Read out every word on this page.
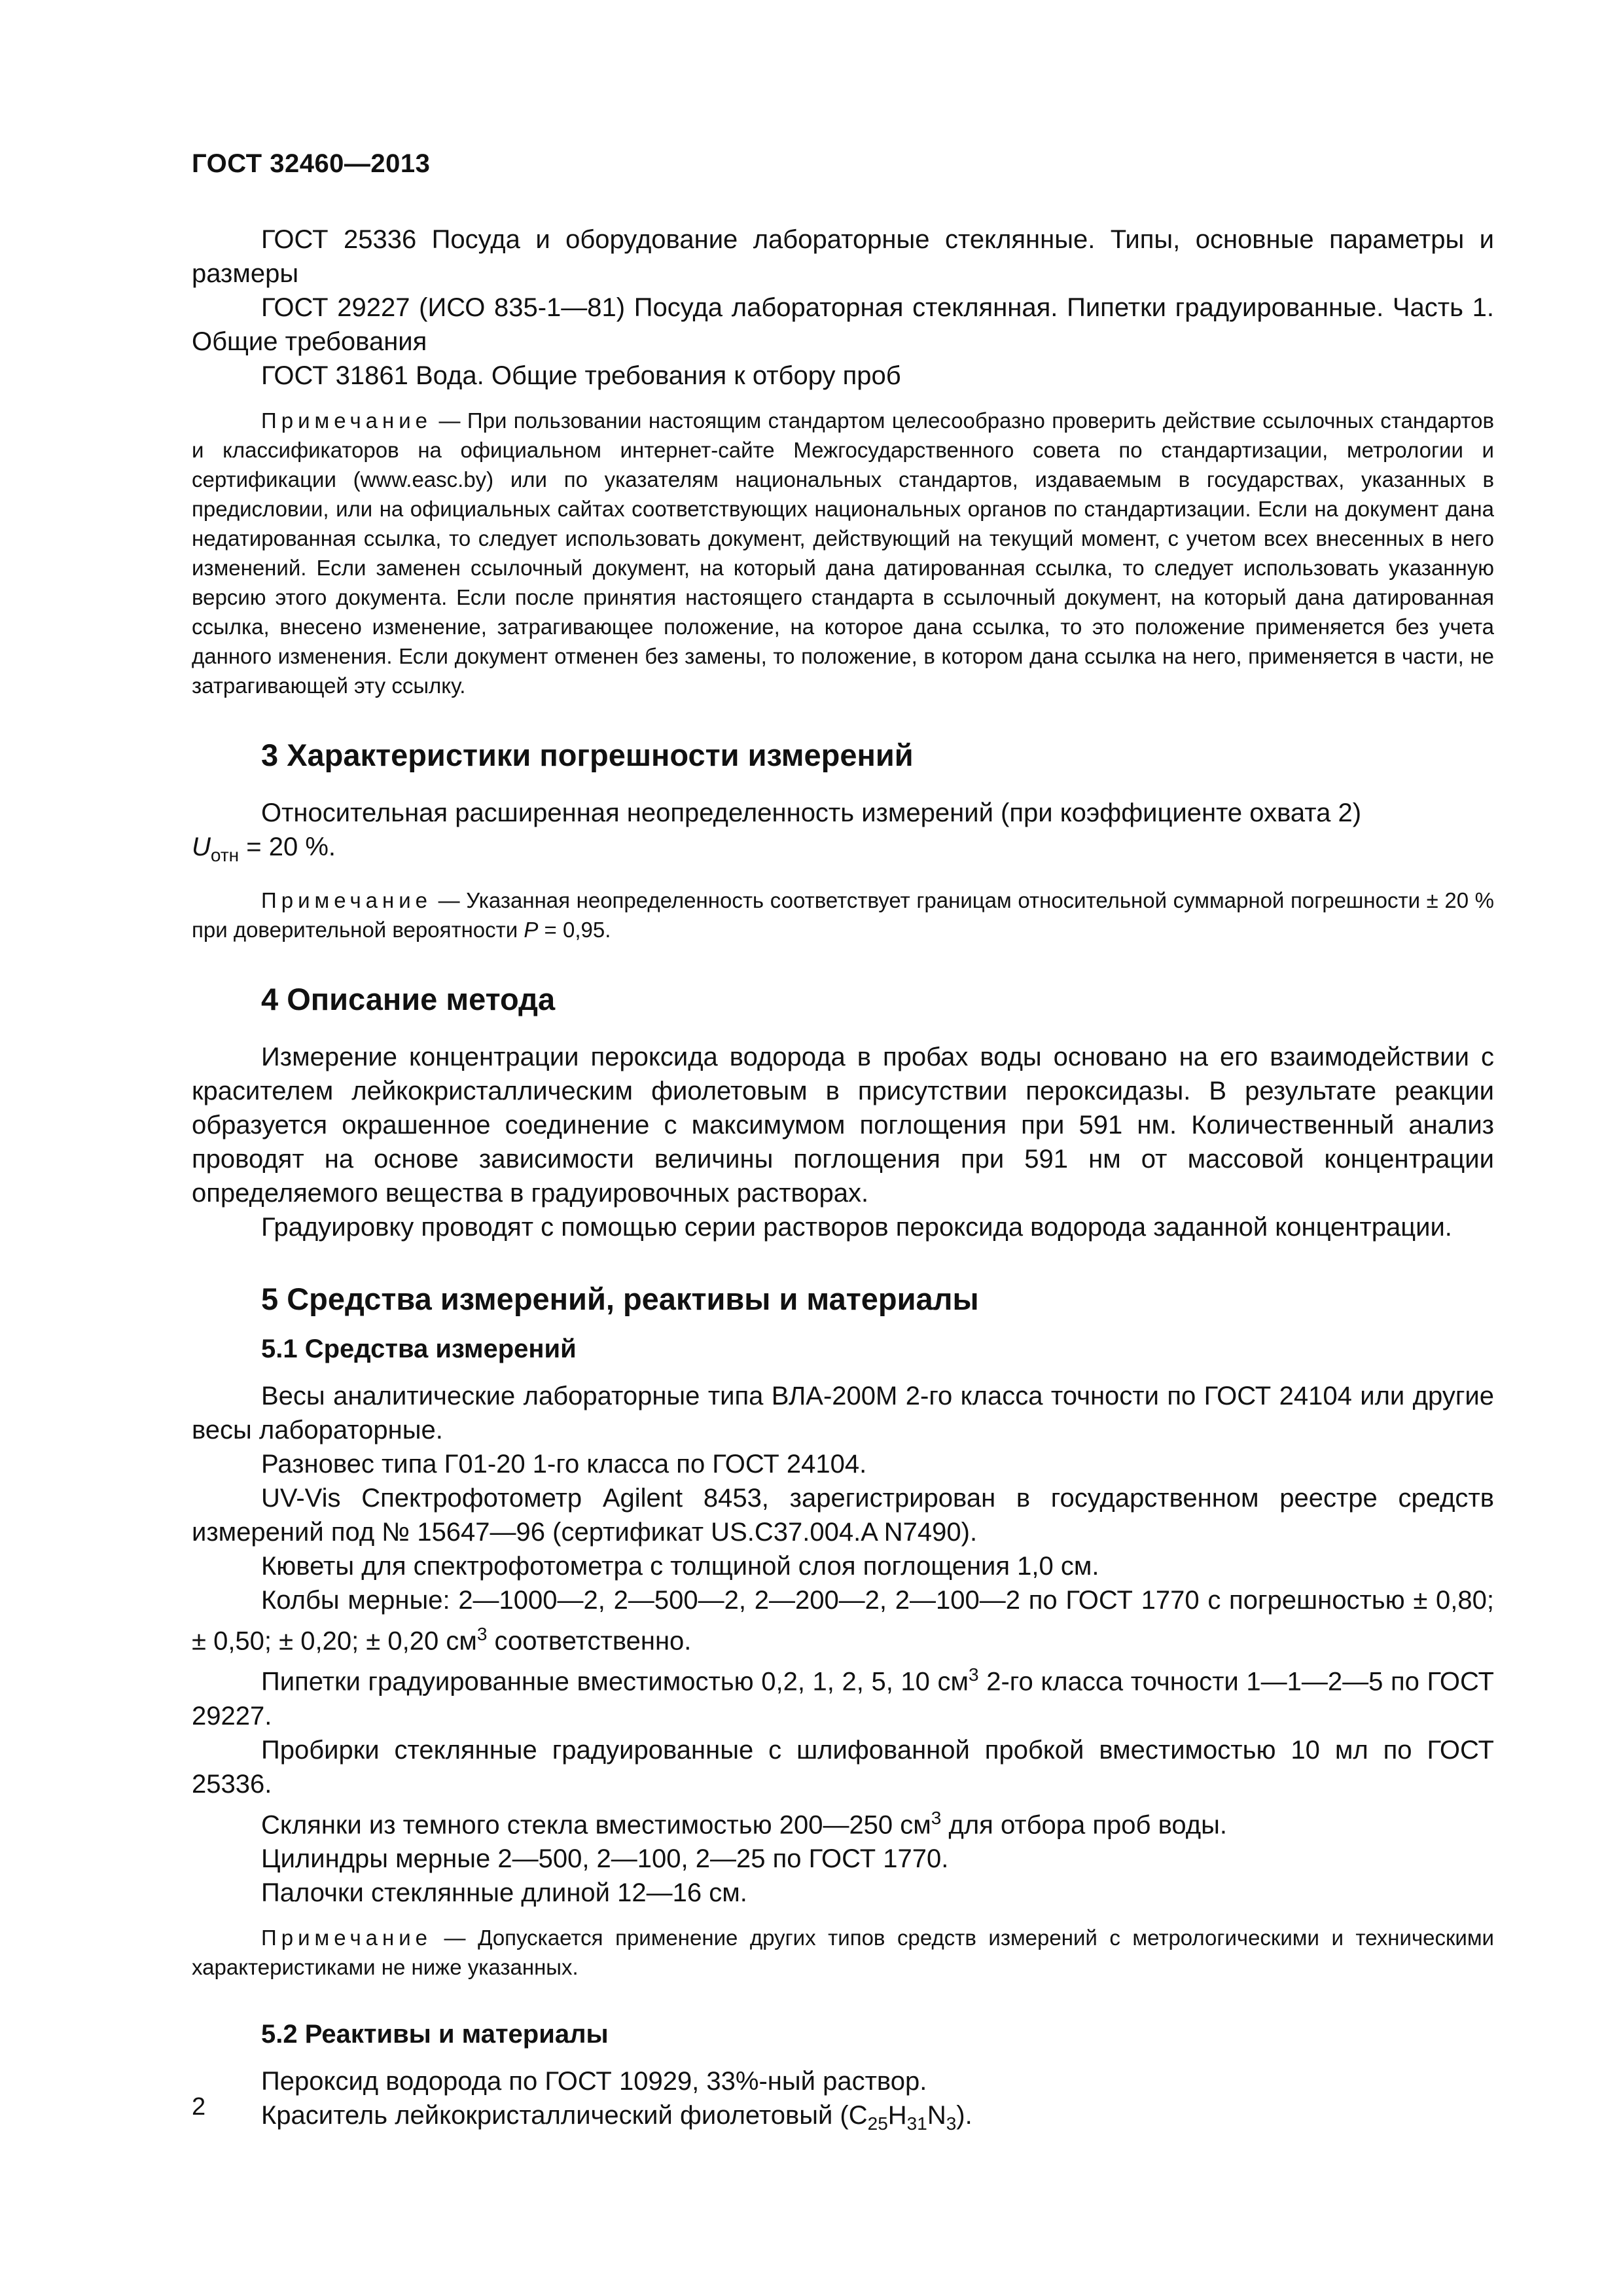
ГОСТ 32460—2013

ГОСТ 25336 Посуда и оборудование лабораторные стеклянные. Типы, основные параметры и размеры

ГОСТ 29227 (ИСО 835-1—81) Посуда лабораторная стеклянная. Пипетки градуированные. Часть 1. Общие требования

ГОСТ 31861 Вода. Общие требования к отбору проб

Примечание — При пользовании настоящим стандартом целесообразно проверить действие ссылочных стандартов и классификаторов на официальном интернет-сайте Межгосударственного совета по стандартизации, метрологии и сертификации (www.easc.by) или по указателям национальных стандартов, издаваемым в государствах, указанных в предисловии, или на официальных сайтах соответствующих национальных органов по стандартизации. Если на документ дана недатированная ссылка, то следует использовать документ, действующий на текущий момент, с учетом всех внесенных в него изменений. Если заменен ссылочный документ, на который дана датированная ссылка, то следует использовать указанную версию этого документа. Если после принятия настоящего стандарта в ссылочный документ, на который дана датированная ссылка, внесено изменение, затрагивающее положение, на которое дана ссылка, то это положение применяется без учета данного изменения. Если документ отменен без замены, то положение, в котором дана ссылка на него, применяется в части, не затрагивающей эту ссылку.

3 Характеристики погрешности измерений

Относительная расширенная неопределенность измерений (при коэффициенте охвата 2)

$U_{отн} = 20$ %.

Примечание — Указанная неопределенность соответствует границам относительной суммарной погрешности ± 20 % при доверительной вероятности P = 0,95.

4 Описание метода

Измерение концентрации пероксида водорода в пробах воды основано на его взаимодействии с красителем лейкокристаллическим фиолетовым в присутствии пероксидазы. В результате реакции образуется окрашенное соединение с максимумом поглощения при 591 нм. Количественный анализ проводят на основе зависимости величины поглощения при 591 нм от массовой концентрации определяемого вещества в градуировочных растворах.

Градуировку проводят с помощью серии растворов пероксида водорода заданной концентрации.

5 Средства измерений, реактивы и материалы
5.1 Средства измерений

Весы аналитические лабораторные типа ВЛА-200М 2-го класса точности по ГОСТ 24104 или другие весы лабораторные.

Разновес типа Г01-20 1-го класса по ГОСТ 24104.

UV-Vis Спектрофотометр Agilent 8453, зарегистрирован в государственном реестре средств измерений под № 15647—96 (сертификат US.C37.004.A N7490).

Кюветы для спектрофотометра с толщиной слоя поглощения 1,0 см.

Колбы мерные: 2—1000—2, 2—500—2, 2—200—2, 2—100—2 по ГОСТ 1770 с погрешностью ± 0,80; ± 0,50; ± 0,20; ± 0,20 $см^3$ соответственно.

Пипетки градуированные вместимостью 0,2, 1, 2, 5, 10 $см^3$ 2-го класса точности 1—1—2—5 по ГОСТ 29227.

Пробирки стеклянные градуированные с шлифованной пробкой вместимостью 10 мл по ГОСТ 25336.

Склянки из темного стекла вместимостью 200—250 $см^3$ для отбора проб воды.

Цилиндры мерные 2—500, 2—100, 2—25 по ГОСТ 1770.

Палочки стеклянные длиной 12—16 см.

Примечание — Допускается применение других типов средств измерений с метрологическими и техническими характеристиками не ниже указанных.

5.2 Реактивы и материалы

Пероксид водорода по ГОСТ 10929, 33%-ный раствор.

Краситель лейкокристаллический фиолетовый $(C_{25}H_{31}N_3)$.

2
